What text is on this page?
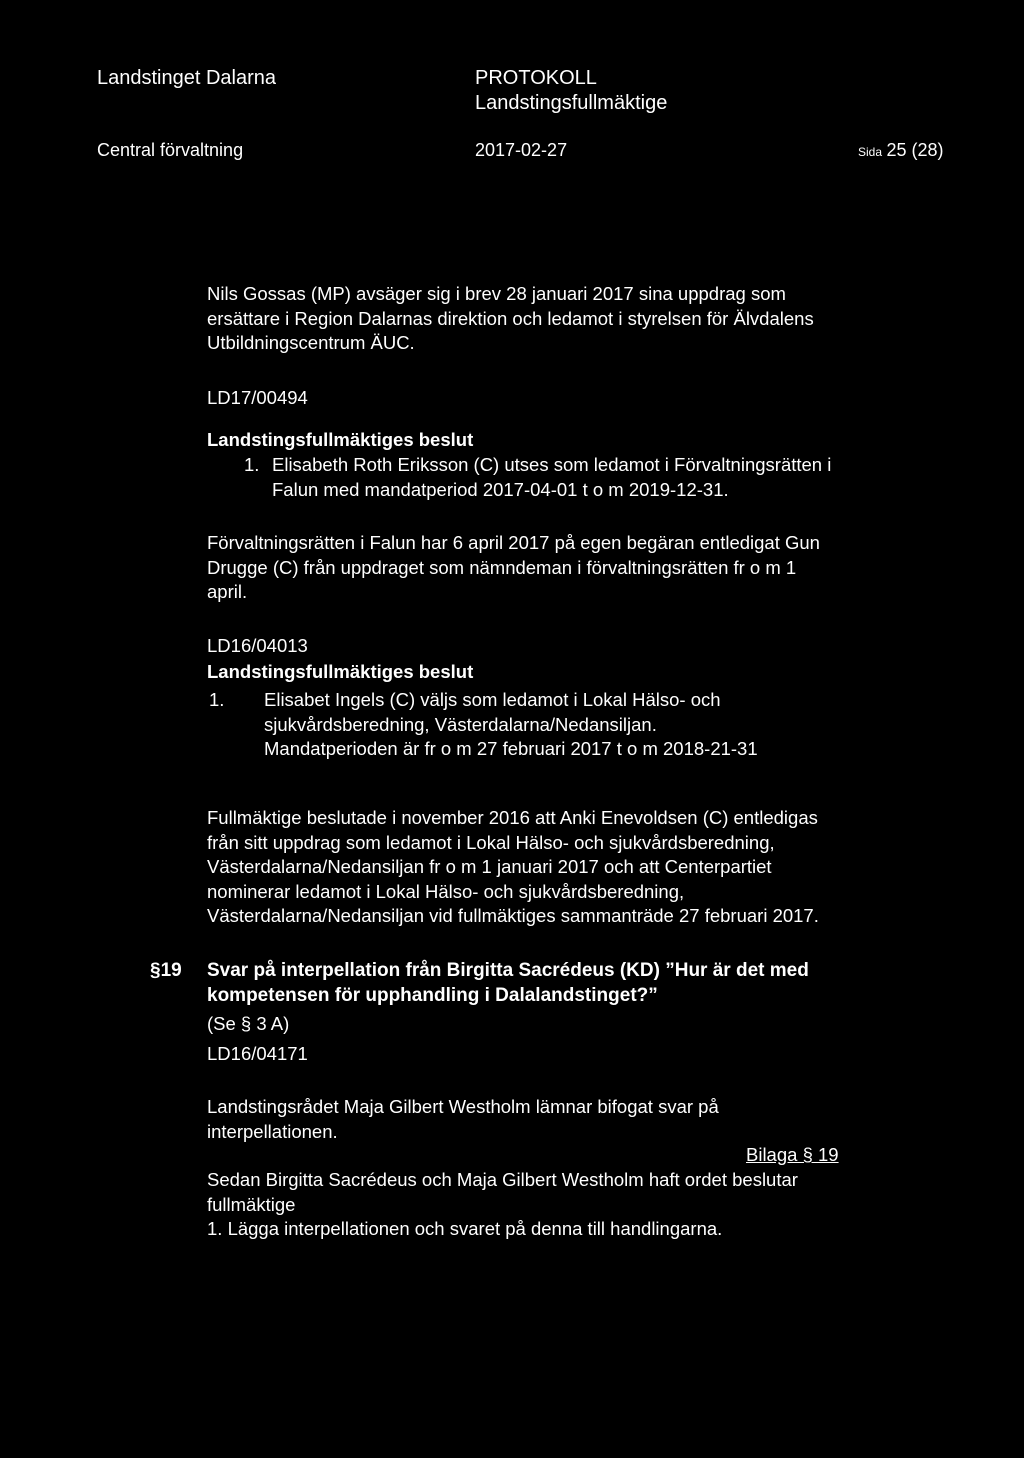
Landstinget Dalarna	PROTOKOLL
Landstingsfullmäktige
Central förvaltning	2017-02-27	Sida 25 (28)
Nils Gossas (MP) avsäger sig i brev 28 januari 2017 sina uppdrag som
ersättare i Region Dalarnas direktion och ledamot i styrelsen för Älvdalens
Utbildningscentrum ÄUC.
LD17/00494
Landstingsfullmäktiges beslut
1. Elisabeth Roth Eriksson (C) utses som ledamot i Förvaltningsrätten i
Falun med mandatperiod 2017-04-01 t o m 2019-12-31.
Förvaltningsrätten i Falun har 6 april 2017 på egen begäran entledigat Gun
Drugge (C) från uppdraget som nämndeman i förvaltningsrätten fr o m 1
april.
LD16/04013
Landstingsfullmäktiges beslut
1. Elisabet Ingels (C) väljs som ledamot i Lokal Hälso- och
sjukvårdsberedning, Västerdalarna/Nedansiljan.
Mandatperioden är fr o m 27 februari 2017 t o m 2018-21-31
Fullmäktige beslutade i november 2016 att Anki Enevoldsen (C) entledigas
från sitt uppdrag som ledamot i Lokal Hälso- och sjukvårdsberedning,
Västerdalarna/Nedansiljan fr o m 1 januari 2017 och att Centerpartiet
nominerar ledamot i Lokal Hälso- och sjukvårdsberedning,
Västerdalarna/Nedansiljan vid fullmäktiges sammanträde 27 februari 2017.
§19 Svar på interpellation från Birgitta Sacrédeus (KD) ”Hur är det med
kompetensen för upphandling i Dalalandstinget?”
(Se § 3 A)
LD16/04171
Landstingsrådet Maja Gilbert Westholm lämnar bifogat svar på
interpellationen.
Bilaga § 19
Sedan Birgitta Sacrédeus och Maja Gilbert Westholm haft ordet beslutar
fullmäktige
1. Lägga interpellationen och svaret på denna till handlingarna.
